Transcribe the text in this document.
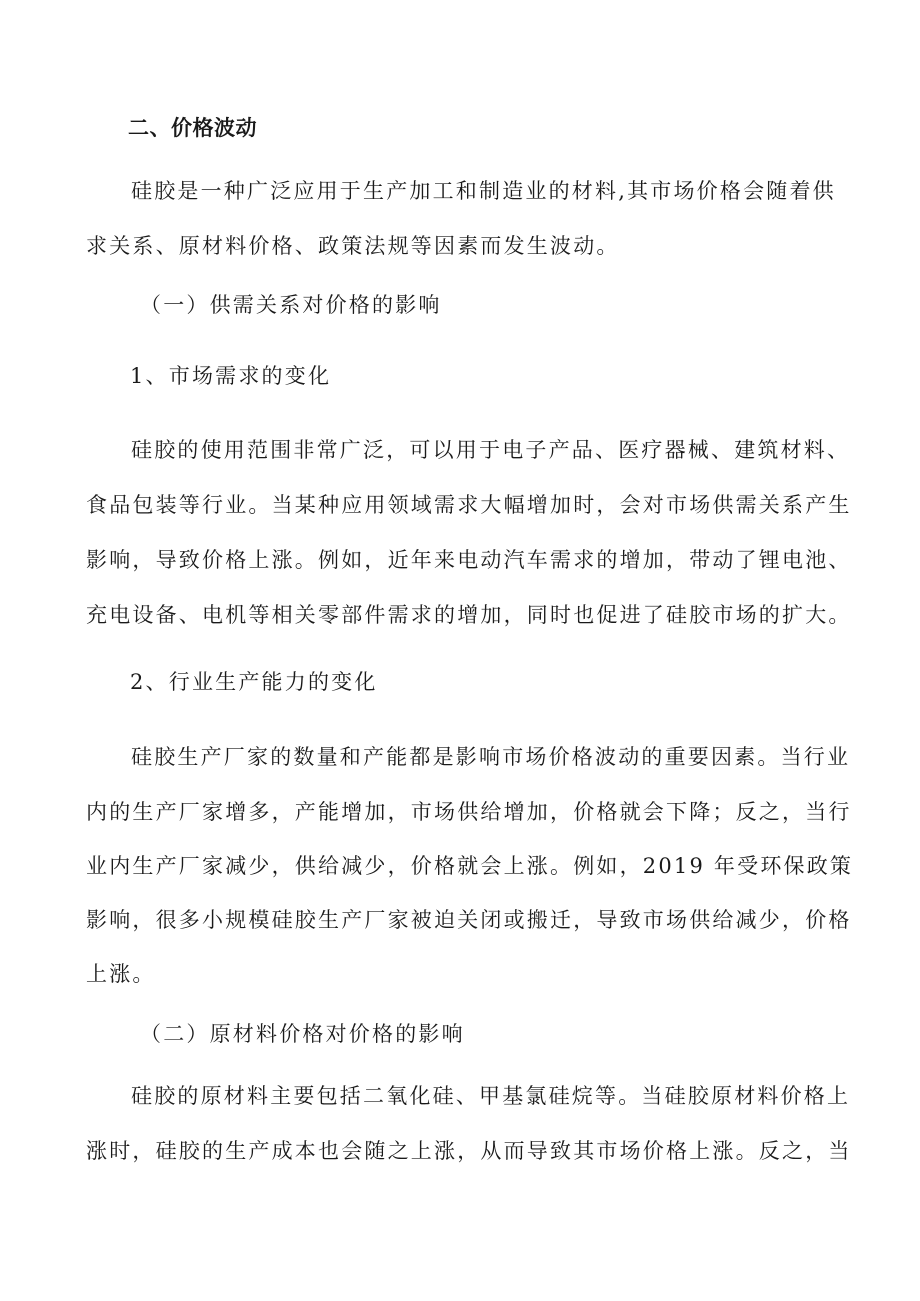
二、价格波动
硅胶是一种广泛应用于生产加工和制造业的材料,其市场价格会随着供
求关系、原材料价格、政策法规等因素而发生波动。
（一）供需关系对价格的影响
1、市场需求的变化
硅胶的使用范围非常广泛，可以用于电子产品、医疗器械、建筑材料、
食品包装等行业。当某种应用领域需求大幅增加时，会对市场供需关系产生
影响，导致价格上涨。例如，近年来电动汽车需求的增加，带动了锂电池、
充电设备、电机等相关零部件需求的增加，同时也促进了硅胶市场的扩大。
2、行业生产能力的变化
硅胶生产厂家的数量和产能都是影响市场价格波动的重要因素。当行业
内的生产厂家增多，产能增加，市场供给增加，价格就会下降；反之，当行
业内生产厂家减少，供给减少，价格就会上涨。例如，2019 年受环保政策
影响，很多小规模硅胶生产厂家被迫关闭或搬迁，导致市场供给减少，价格
上涨。
（二）原材料价格对价格的影响
硅胶的原材料主要包括二氧化硅、甲基氯硅烷等。当硅胶原材料价格上
涨时，硅胶的生产成本也会随之上涨，从而导致其市场价格上涨。反之，当
